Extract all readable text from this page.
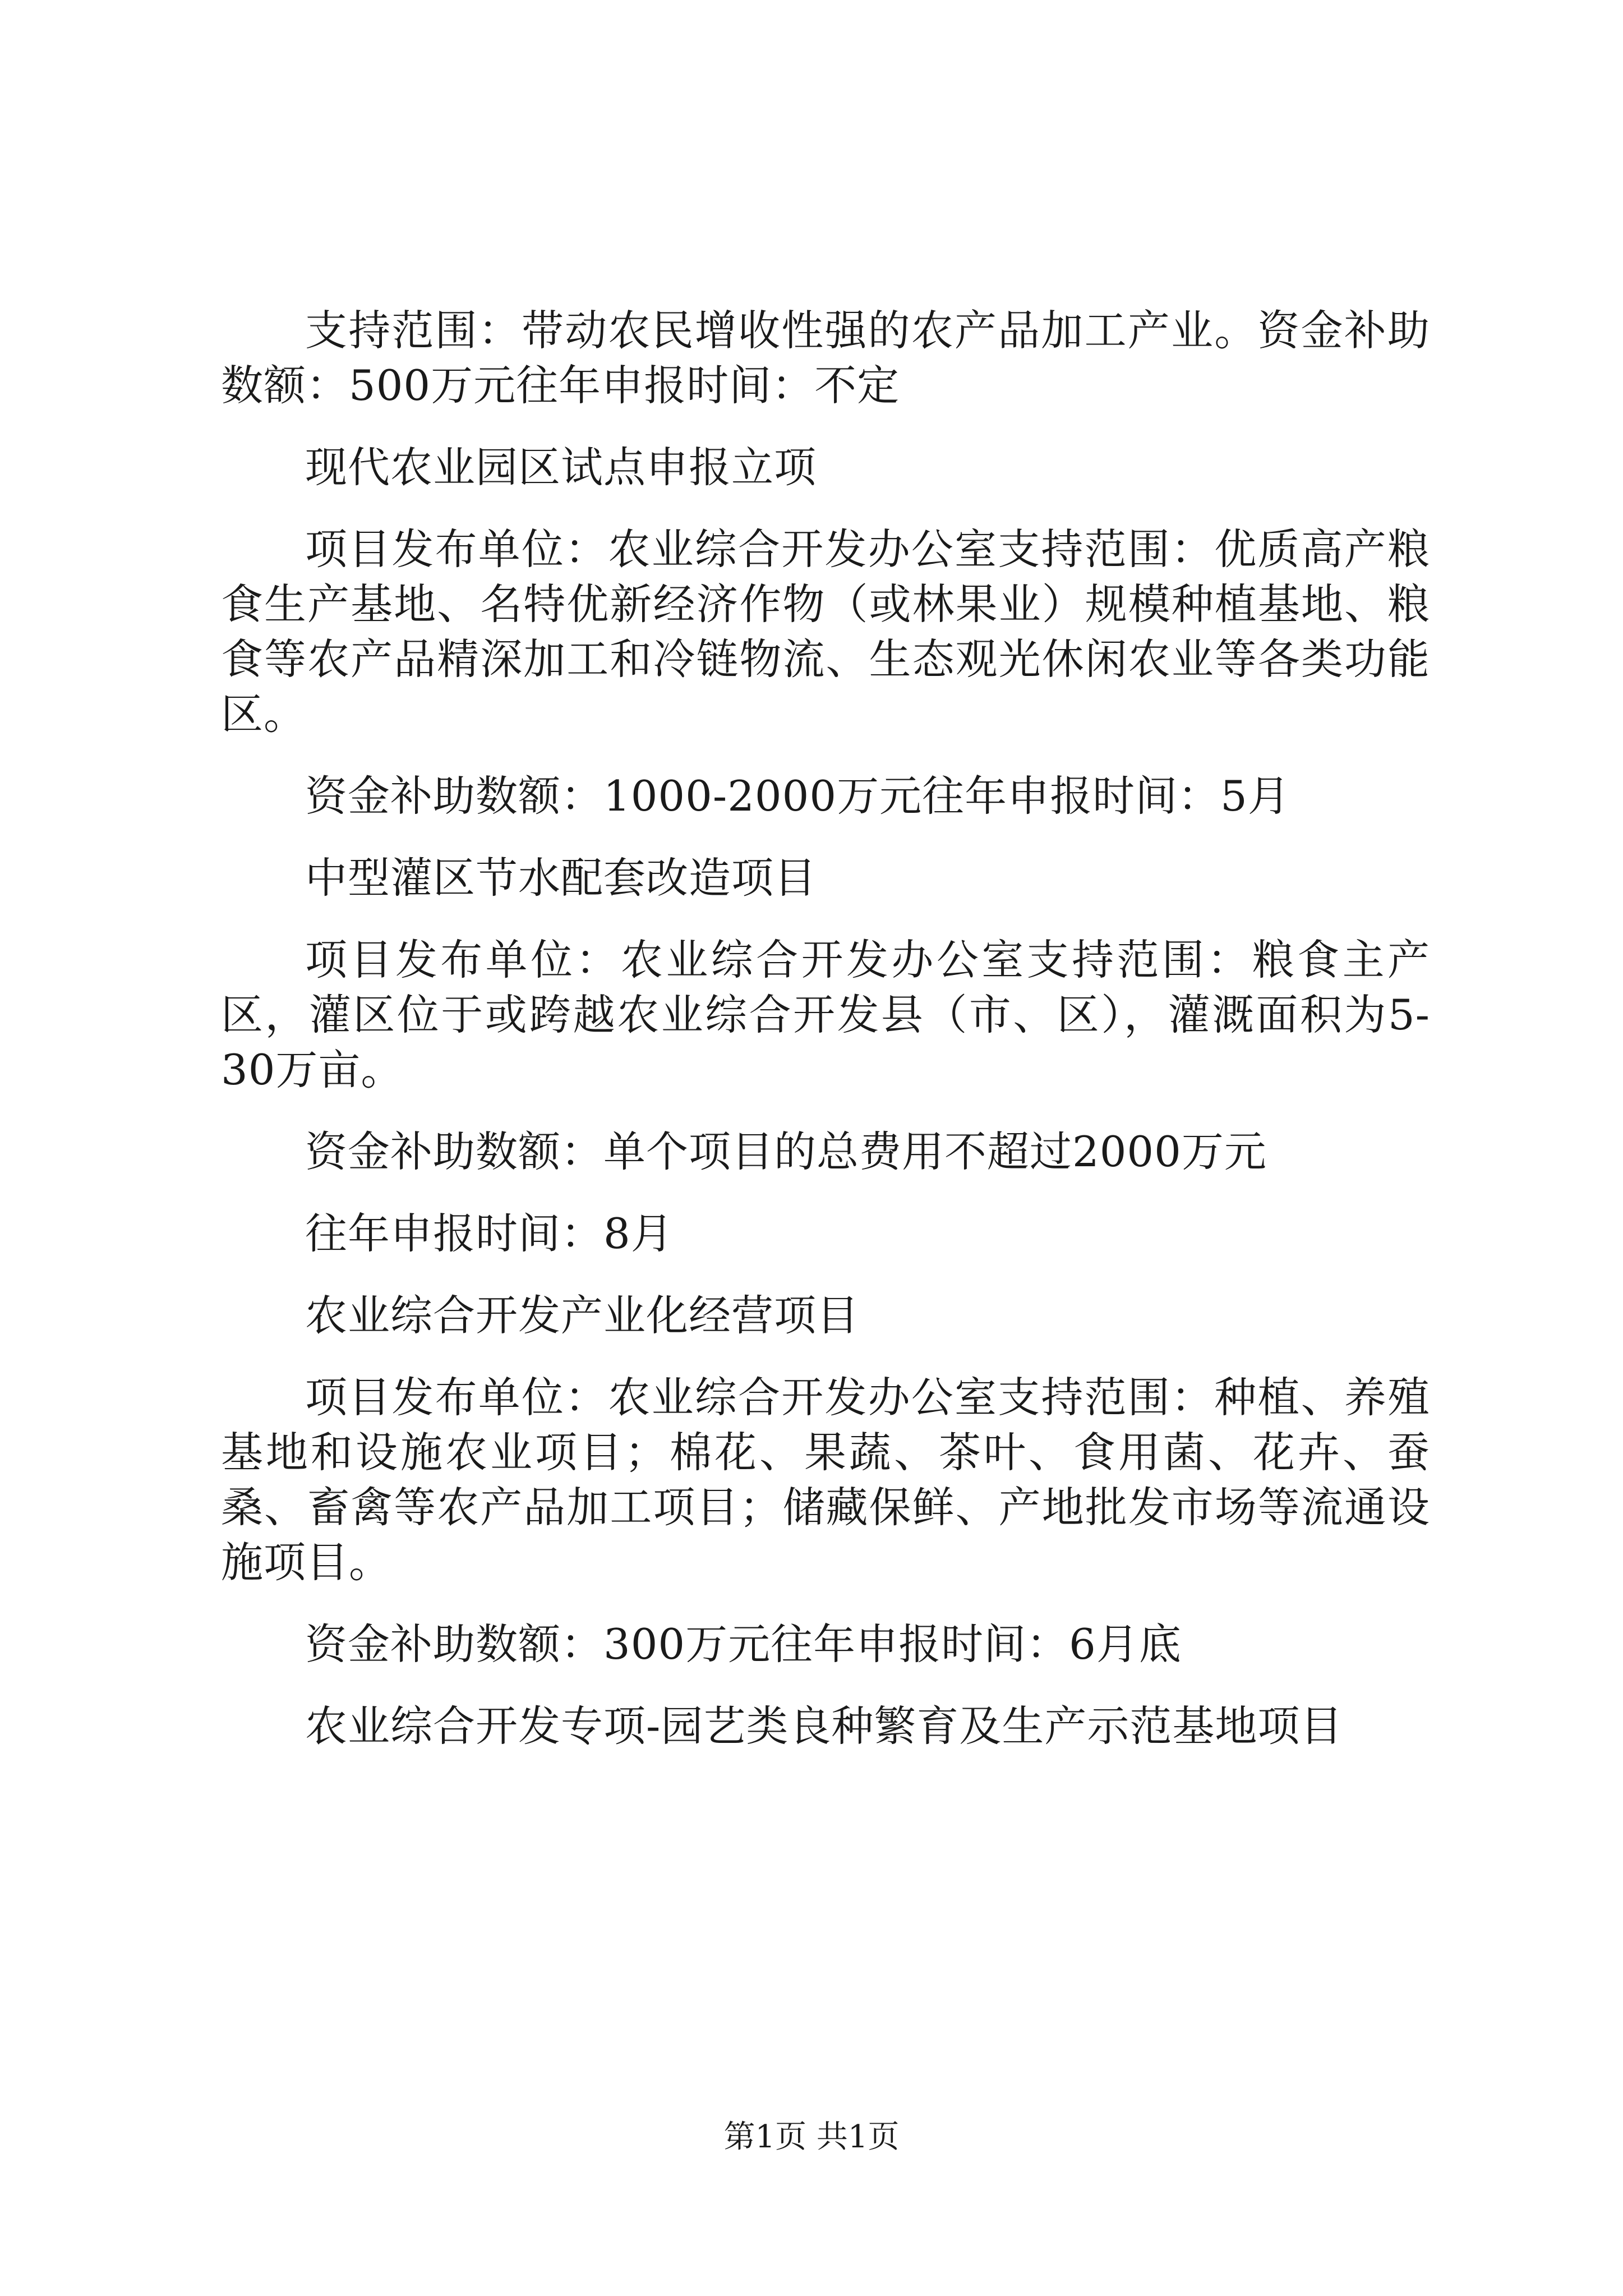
支持范围：带动农民增收性强的农产品加工产业。资金补助数额：500万元往年申报时间：不定

现代农业园区试点申报立项

项目发布单位：农业综合开发办公室支持范围：优质高产粮食生产基地、名特优新经济作物（或林果业）规模种植基地、粮食等农产品精深加工和冷链物流、生态观光休闲农业等各类功能区。

资金补助数额：1000-2000万元往年申报时间：5月

中型灌区节水配套改造项目

项目发布单位：农业综合开发办公室支持范围：粮食主产区，灌区位于或跨越农业综合开发县（市、区），灌溉面积为5-30万亩。

资金补助数额：单个项目的总费用不超过2000万元

往年申报时间：8月

农业综合开发产业化经营项目

项目发布单位：农业综合开发办公室支持范围：种植、养殖基地和设施农业项目；棉花、果蔬、茶叶、食用菌、花卉、蚕桑、畜禽等农产品加工项目；储藏保鲜、产地批发市场等流通设施项目。

资金补助数额：300万元往年申报时间：6月底

农业综合开发专项-园艺类良种繁育及生产示范基地项目

第1页 共1页
